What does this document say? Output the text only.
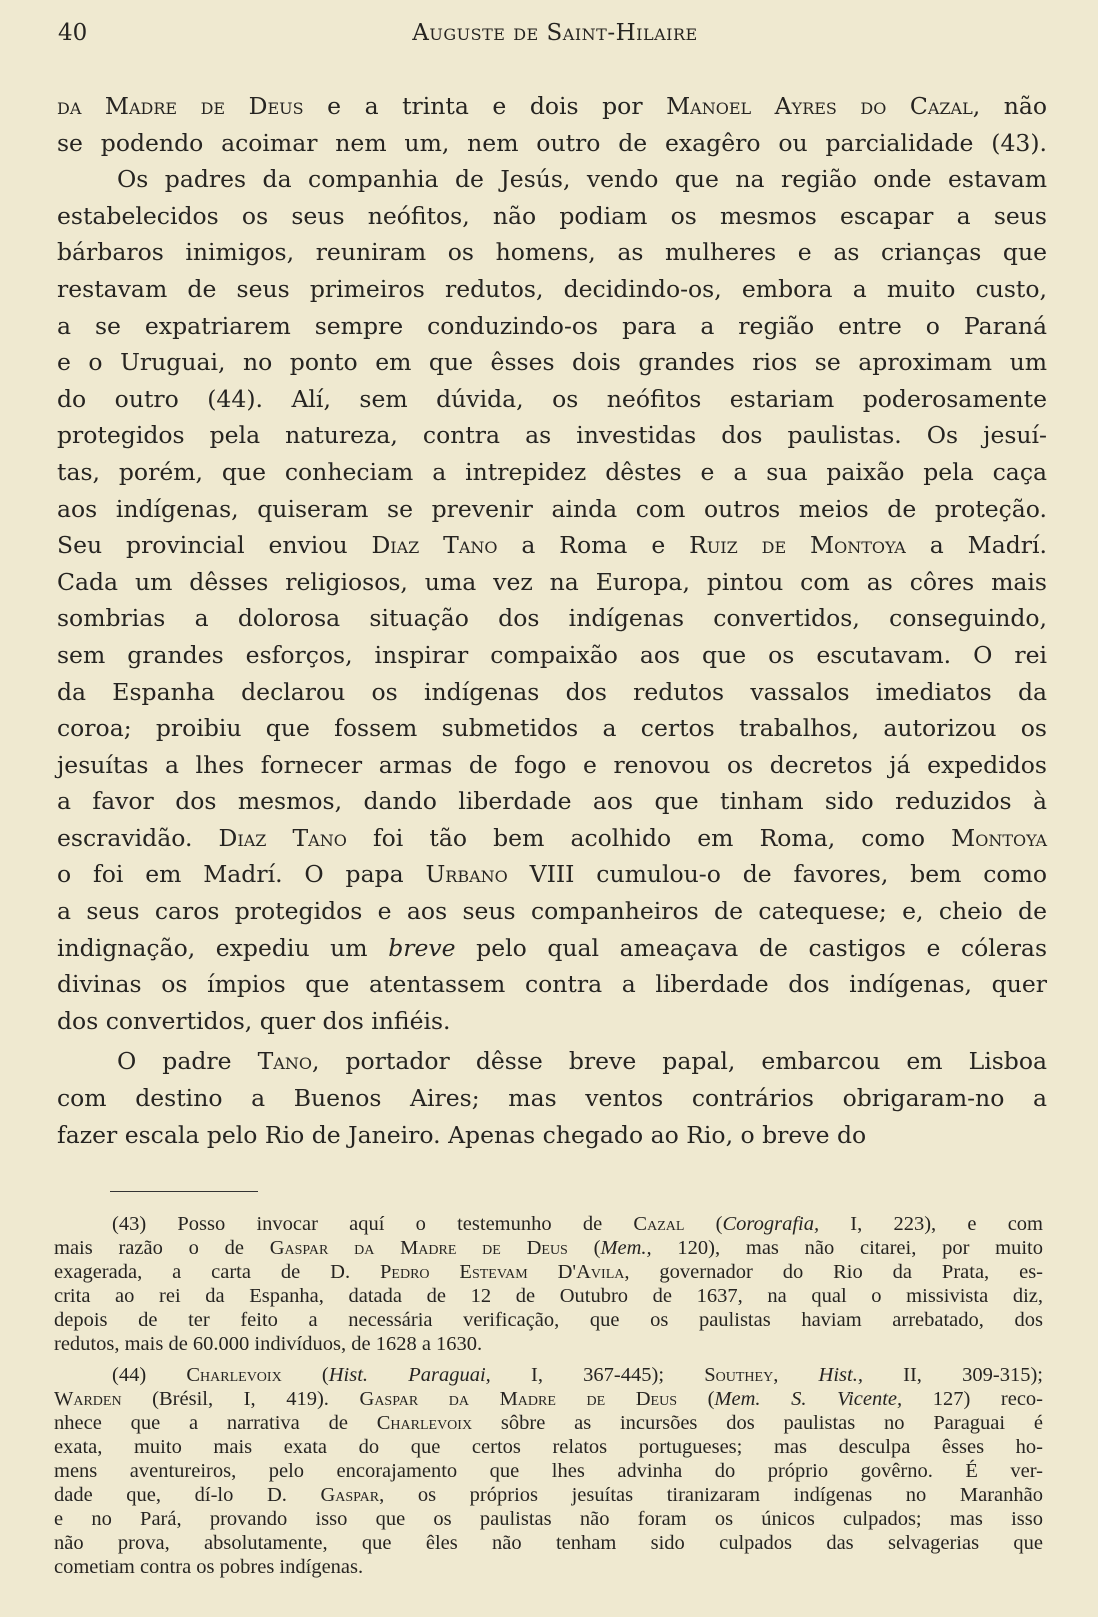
40	Auguste de Saint-Hilaire
da Madre de Deus e a trinta e dois por Manoel Ayres do Cazal, não
se podendo acoimar nem um, nem outro de exagêro ou parcialidade (43).
Os padres da companhia de Jesús, vendo que na região onde estavam
estabelecidos os seus neófitos, não podiam os mesmos escapar a seus
bárbaros inimigos, reuniram os homens, as mulheres e as crianças que
restavam de seus primeiros redutos, decidindo-os, embora a muito custo,
a se expatriarem sempre conduzindo-os para a região entre o Paraná
e o Uruguai, no ponto em que êsses dois grandes rios se aproximam um
do outro (44). Alí, sem dúvida, os neófitos estariam poderosamente
protegidos pela natureza, contra as investidas dos paulistas. Os jesuí-
tas, porém, que conheciam a intrepidez dêstes e a sua paixão pela caça
aos indígenas, quiseram se prevenir ainda com outros meios de proteção.
Seu provincial enviou Diaz Tano a Roma e Ruiz de Montoya a Madrí.
Cada um dêsses religiosos, uma vez na Europa, pintou com as côres mais
sombrias a dolorosa situação dos indígenas convertidos, conseguindo,
sem grandes esforços, inspirar compaixão aos que os escutavam. O rei
da Espanha declarou os indígenas dos redutos vassalos imediatos da
coroa; proibiu que fossem submetidos a certos trabalhos, autorizou os
jesuítas a lhes fornecer armas de fogo e renovou os decretos já expedidos
a favor dos mesmos, dando liberdade aos que tinham sido reduzidos à
escravidão. Diaz Tano foi tão bem acolhido em Roma, como Montoya
o foi em Madrí. O papa Urbano VIII cumulou-o de favores, bem como
a seus caros protegidos e aos seus companheiros de catequese; e, cheio de
indignação, expediu um breve pelo qual ameaçava de castigos e cóleras
divinas os ímpios que atentassem contra a liberdade dos indígenas, quer
dos convertidos, quer dos infiéis.
O padre Tano, portador dêsse breve papal, embarcou em Lisboa
com destino a Buenos Aires; mas ventos contrários obrigaram-no a
fazer escala pelo Rio de Janeiro. Apenas chegado ao Rio, o breve do
(43) Posso invocar aquí o testemunho de Cazal (Corografia, I, 223), e com
mais razão o de Gaspar da Madre de Deus (Mem., 120), mas não citarei, por muito
exagerada, a carta de D. Pedro Estevam D'Avila, governador do Rio da Prata, es-
crita ao rei da Espanha, datada de 12 de Outubro de 1637, na qual o missivista diz,
depois de ter feito a necessária verificação, que os paulistas haviam arrebatado, dos
redutos, mais de 60.000 indivíduos, de 1628 a 1630.
(44) Charlevoix (Hist. Paraguai, I, 367-445); Southey, Hist., II, 309-315);
Warden (Brésil, I, 419). Gaspar da Madre de Deus (Mem. S. Vicente, 127) reco-
nhece que a narrativa de Charlevoix sôbre as incursões dos paulistas no Paraguai é
exata, muito mais exata do que certos relatos portugueses; mas desculpa êsses ho-
mens aventureiros, pelo encorajamento que lhes advinha do próprio govêrno. É ver-
dade que, dí-lo D. Gaspar, os próprios jesuítas tiranizaram indígenas no Maranhão
e no Pará, provando isso que os paulistas não foram os únicos culpados; mas isso
não prova, absolutamente, que êles não tenham sido culpados das selvagerias que
cometiam contra os pobres indígenas.
